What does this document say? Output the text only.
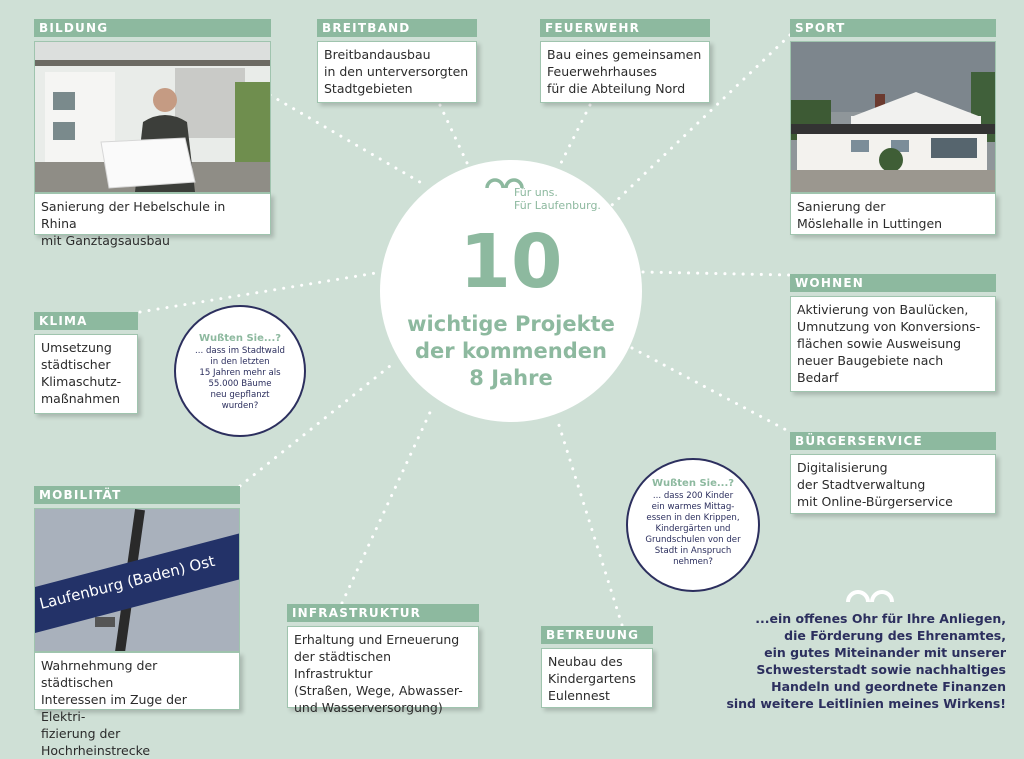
Für uns.
Für Laufenburg.
10
wichtige Projekte
der kommenden
8 Jahre
BILDUNG
Sanierung der Hebelschule in Rhina
mit Ganztagsausbau
BREITBAND
Breitbandausbau
in den unterversorgten
Stadtgebieten
FEUERWEHR
Bau eines gemeinsamen
Feuerwehrhauses
für die Abteilung Nord
SPORT
Sanierung der
Möslehalle in Luttingen
KLIMA
Umsetzung
städtischer
Klimaschutz-
maßnahmen
WOHNEN
Aktivierung von Baulücken,
Umnutzung von Konversions-
flächen sowie Ausweisung
neuer Baugebiete nach
Bedarf
BÜRGERSERVICE
Digitalisierung
der Stadtverwaltung
mit Online-Bürgerservice
MOBILITÄT
Laufenburg (Baden) Ost
Wahrnehmung der städtischen
Interessen im Zuge der Elektri-
fizierung der Hochrheinstrecke
INFRASTRUKTUR
Erhaltung und Erneuerung
der städtischen Infrastruktur
(Straßen, Wege, Abwasser-
und Wasserversorgung)
BETREUUNG
Neubau des
Kindergartens
Eulennest
Wußten Sie...?
... dass im Stadtwald
in den letzten
15 Jahren mehr als
55.000 Bäume
neu gepflanzt
wurden?
Wußten Sie...?
... dass 200 Kinder
ein warmes Mittag-
essen in den Krippen,
Kindergärten und
Grundschulen von der
Stadt in Anspruch
nehmen?
...ein offenes Ohr für Ihre Anliegen,
die Förderung des Ehrenamtes,
ein gutes Miteinander mit unserer
Schwesterstadt sowie nachhaltiges
Handeln und geordnete Finanzen
sind weitere Leitlinien meines Wirkens!
